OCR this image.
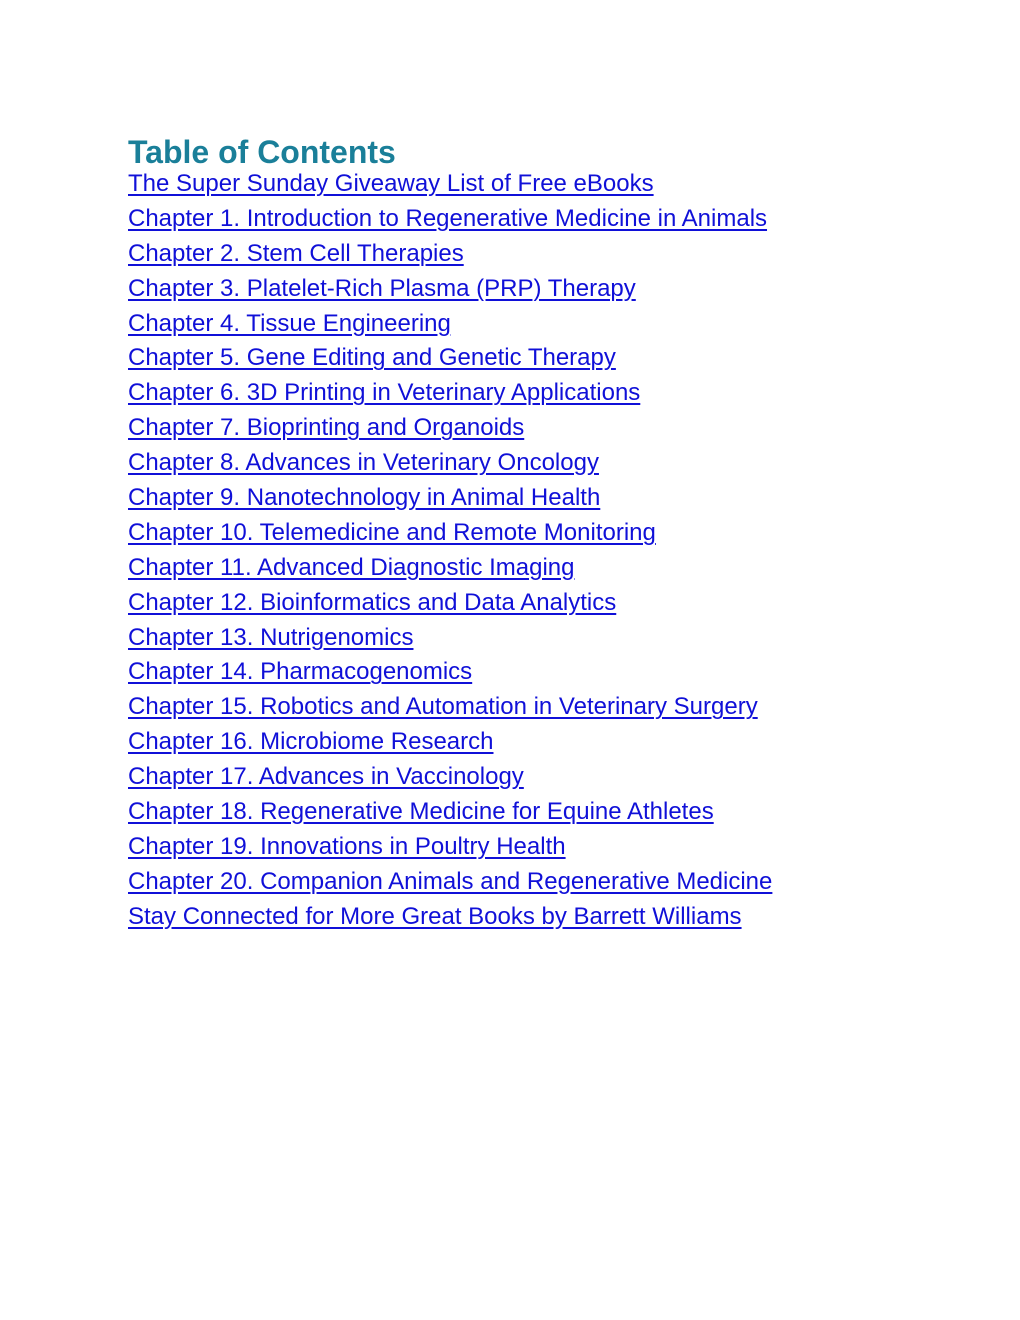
Table of Contents
The Super Sunday Giveaway List of Free eBooks
Chapter 1. Introduction to Regenerative Medicine in Animals
Chapter 2. Stem Cell Therapies
Chapter 3. Platelet-Rich Plasma (PRP) Therapy
Chapter 4. Tissue Engineering
Chapter 5. Gene Editing and Genetic Therapy
Chapter 6. 3D Printing in Veterinary Applications
Chapter 7. Bioprinting and Organoids
Chapter 8. Advances in Veterinary Oncology
Chapter 9. Nanotechnology in Animal Health
Chapter 10. Telemedicine and Remote Monitoring
Chapter 11. Advanced Diagnostic Imaging
Chapter 12. Bioinformatics and Data Analytics
Chapter 13. Nutrigenomics
Chapter 14. Pharmacogenomics
Chapter 15. Robotics and Automation in Veterinary Surgery
Chapter 16. Microbiome Research
Chapter 17. Advances in Vaccinology
Chapter 18. Regenerative Medicine for Equine Athletes
Chapter 19. Innovations in Poultry Health
Chapter 20. Companion Animals and Regenerative Medicine
Stay Connected for More Great Books by Barrett Williams
